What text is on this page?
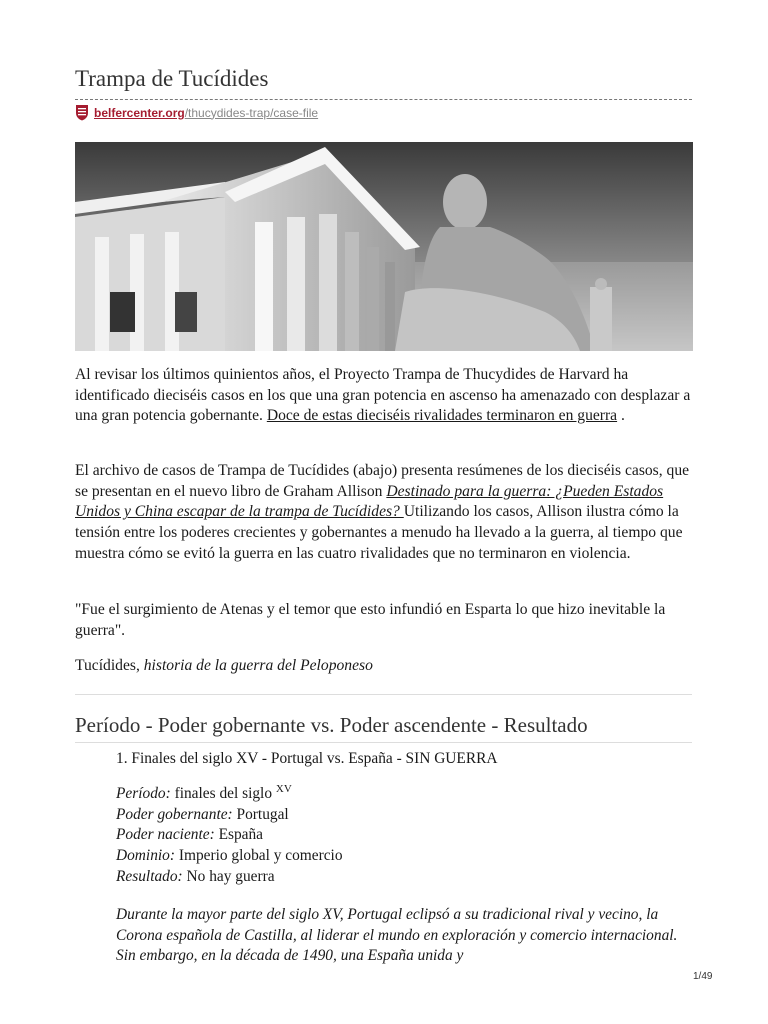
Trampa de Tucídides
belfercenter.org/thucydides-trap/case-file

Al revisar los últimos quinientos años, el Proyecto Trampa de Thucydides de Harvard ha identificado dieciséis casos en los que una gran potencia en ascenso ha amenazado con desplazar a una gran potencia gobernante. Doce de estas dieciséis rivalidades terminaron en guerra .

El archivo de casos de Trampa de Tucídides (abajo) presenta resúmenes de los dieciséis casos, que se presentan en el nuevo libro de Graham Allison Destinado para la guerra: ¿Pueden Estados Unidos y China escapar de la trampa de Tucídides? Utilizando los casos, Allison ilustra cómo la tensión entre los poderes crecientes y gobernantes a menudo ha llevado a la guerra, al tiempo que muestra cómo se evitó la guerra en las cuatro rivalidades que no terminaron en violencia.

"Fue el surgimiento de Atenas y el temor que esto infundió en Esparta lo que hizo inevitable la guerra".

Tucídides, historia de la guerra del Peloponeso

Período - Poder gobernante vs. Poder ascendente - Resultado
1. Finales del siglo XV - Portugal vs. España - SIN GUERRA
Período: finales del siglo $^{XV}$
Poder gobernante: Portugal
Poder naciente: España
Dominio: Imperio global y comercio
Resultado: No hay guerra

Durante la mayor parte del siglo XV, Portugal eclipsó a su tradicional rival y vecino, la Corona española de Castilla, al liderar el mundo en exploración y comercio internacional. Sin embargo, en la década de 1490, una España unida y

1/49
